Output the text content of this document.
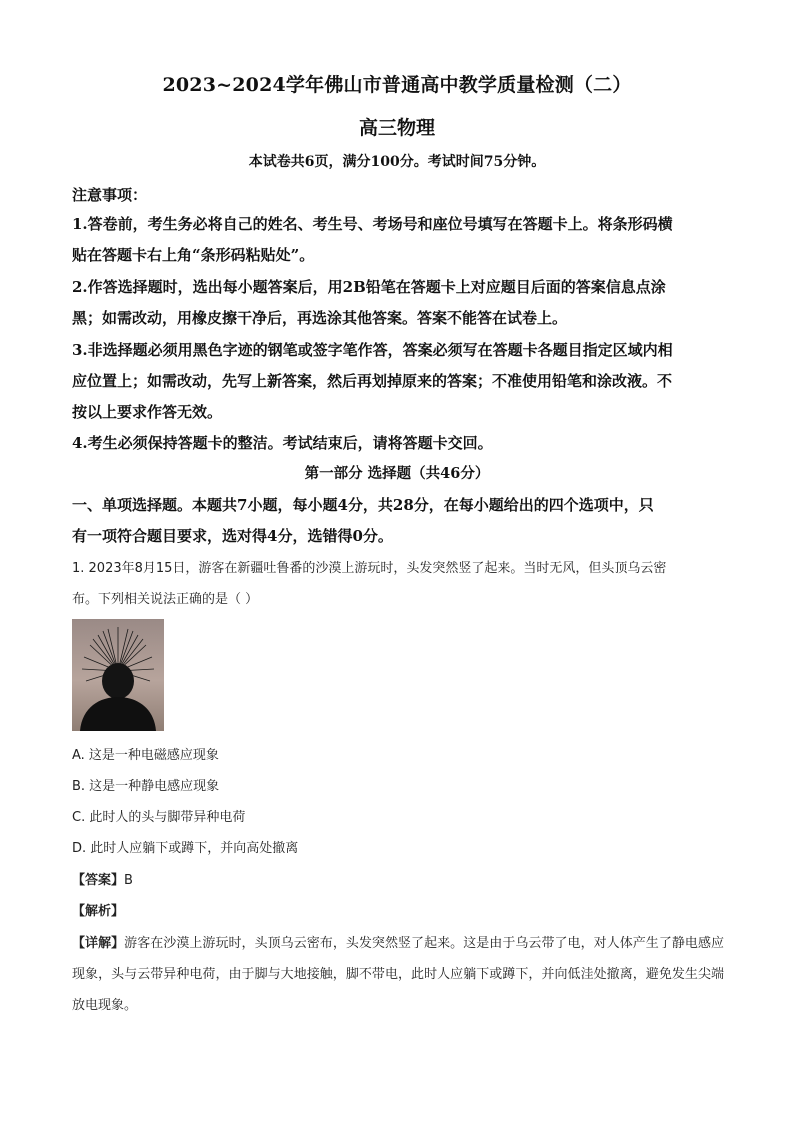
2023~2024学年佛山市普通高中教学质量检测（二）
高三物理
本试卷共6页，满分100分。考试时间75分钟。
注意事项：
1.答卷前，考生务必将自己的姓名、考生号、考场号和座位号填写在答题卡上。将条形码横
贴在答题卡右上角“条形码粘贴处”。
2.作答选择题时，选出每小题答案后，用2B铅笔在答题卡上对应题目后面的答案信息点涂
黑；如需改动，用橡皮擦干净后，再选涂其他答案。答案不能答在试卷上。
3.非选择题必须用黑色字迹的钢笔或签字笔作答，答案必须写在答题卡各题目指定区域内相
应位置上；如需改动，先写上新答案，然后再划掉原来的答案；不准使用铅笔和涂改液。不
按以上要求作答无效。
4.考生必须保持答题卡的整洁。考试结束后，请将答题卡交回。
第一部分 选择题（共46分）
一、单项选择题。本题共7小题，每小题4分，共28分，在每小题给出的四个选项中，只
有一项符合题目要求，选对得4分，选错得0分。
1. 2023年8月15日，游客在新疆吐鲁番的沙漠上游玩时，头发突然竖了起来。当时无风，但头顶乌云密
布。下列相关说法正确的是（ ）
A. 这是一种电磁感应现象
B. 这是一种静电感应现象
C. 此时人的头与脚带异种电荷
D. 此时人应躺下或蹲下，并向高处撤离
【答案】B
【解析】
【详解】游客在沙漠上游玩时，头顶乌云密布，头发突然竖了起来。这是由于乌云带了电，对人体产生了静电感应现象，头与云带异种电荷，由于脚与大地接触，脚不带电，此时人应躺下或蹲下，并向低洼处撤离，避免发生尖端放电现象。
